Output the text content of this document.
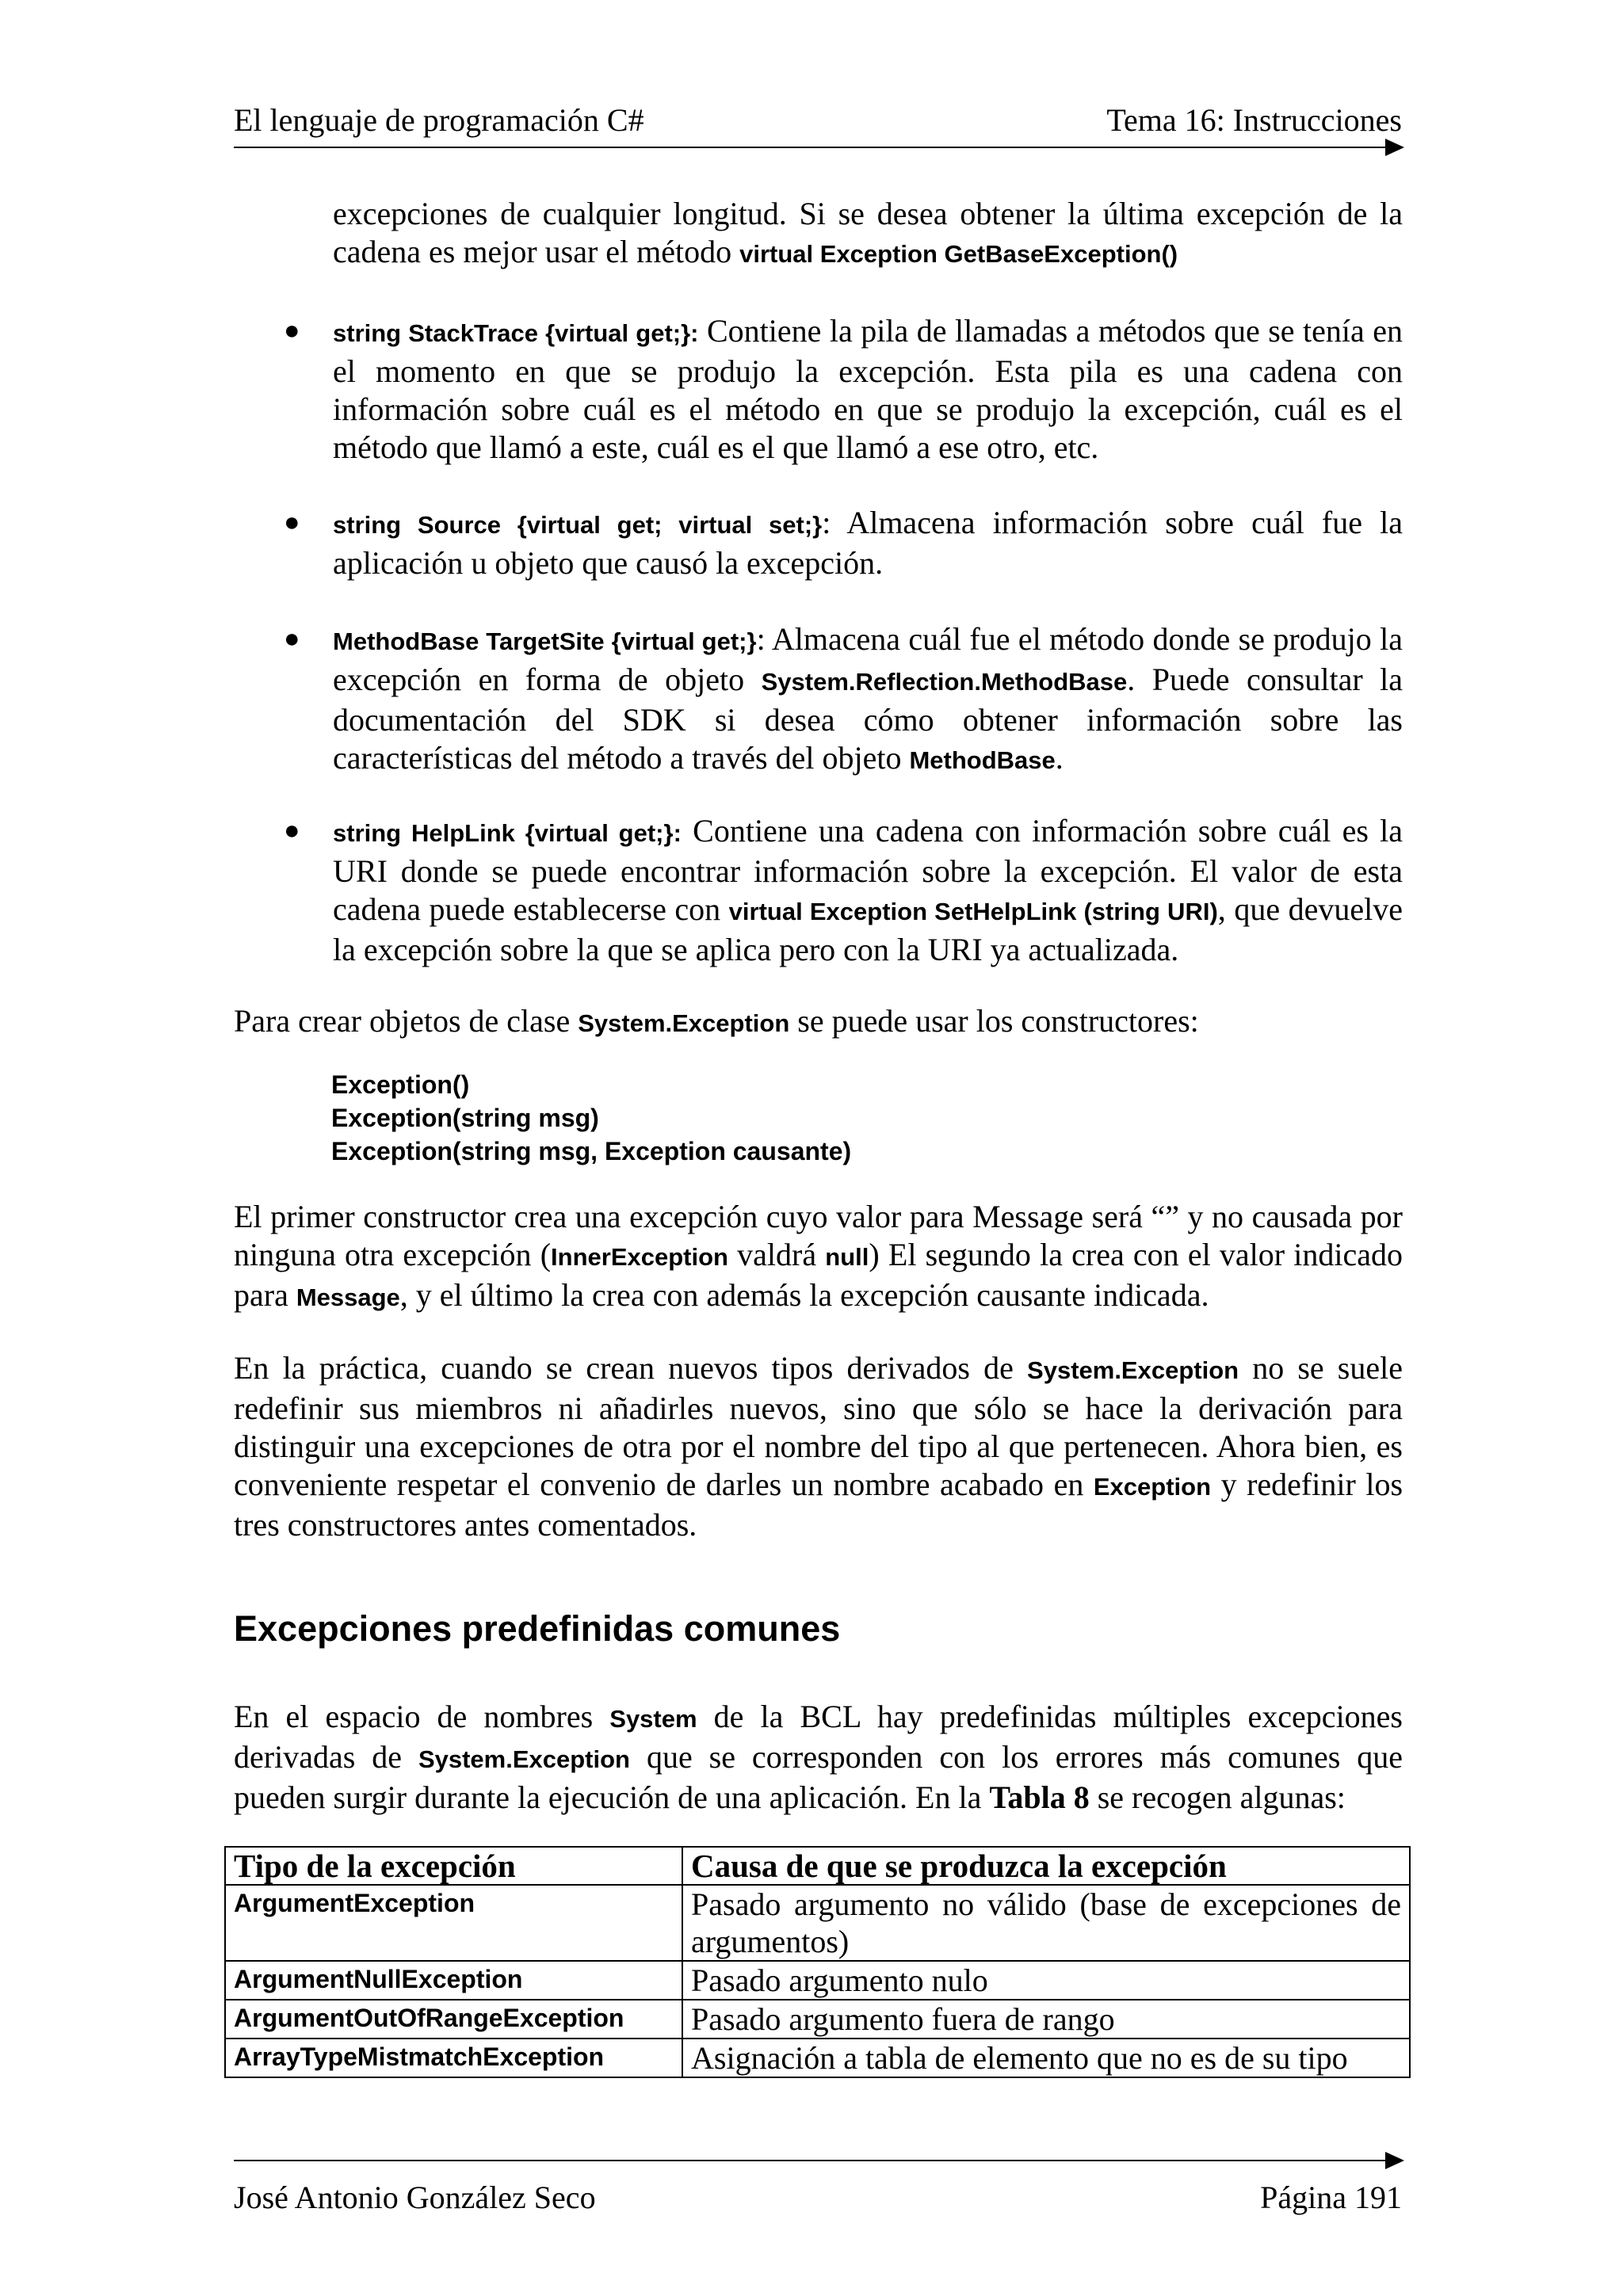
El lenguaje de programación C#	Tema 16: Instrucciones
excepciones de cualquier longitud. Si se desea obtener la última excepción de la cadena es mejor usar el método virtual Exception GetBaseException()
● string StackTrace {virtual get;}: Contiene la pila de llamadas a métodos que se tenía en el momento en que se produjo la excepción. Esta pila es una cadena con información sobre cuál es el método en que se produjo la excepción, cuál es el método que llamó a este, cuál es el que llamó a ese otro, etc.
● string Source {virtual get; virtual set;}: Almacena información sobre cuál fue la aplicación u objeto que causó la excepción.
● MethodBase TargetSite {virtual get;}: Almacena cuál fue el método donde se produjo la excepción en forma de objeto System.Reflection.MethodBase. Puede consultar la documentación del SDK si desea cómo obtener información sobre las características del método a través del objeto MethodBase.
● string HelpLink {virtual get;}: Contiene una cadena con información sobre cuál es la URI donde se puede encontrar información sobre la excepción. El valor de esta cadena puede establecerse con virtual Exception SetHelpLink (string URI), que devuelve la excepción sobre la que se aplica pero con la URI ya actualizada.
Para crear objetos de clase System.Exception se puede usar los constructores:
Exception()
Exception(string msg)
Exception(string msg, Exception causante)
El primer constructor crea una excepción cuyo valor para Message será “” y no causada por ninguna otra excepción (InnerException valdrá null) El segundo la crea con el valor indicado para Message, y el último la crea con además la excepción causante indicada.
En la práctica, cuando se crean nuevos tipos derivados de System.Exception no se suele redefinir sus miembros ni añadirles nuevos, sino que sólo se hace la derivación para distinguir una excepciones de otra por el nombre del tipo al que pertenecen. Ahora bien, es conveniente respetar el convenio de darles un nombre acabado en Exception y redefinir los tres constructores antes comentados.
Excepciones predefinidas comunes
En el espacio de nombres System de la BCL hay predefinidas múltiples excepciones derivadas de System.Exception que se corresponden con los errores más comunes que pueden surgir durante la ejecución de una aplicación. En la Tabla 8 se recogen algunas:
Tipo de la excepción	Causa de que se produzca la excepción
ArgumentException	Pasado argumento no válido (base de excepciones de argumentos)
ArgumentNullException	Pasado argumento nulo
ArgumentOutOfRangeException	Pasado argumento fuera de rango
ArrayTypeMistmatchException	Asignación a tabla de elemento que no es de su tipo
José Antonio González Seco	Página 191
